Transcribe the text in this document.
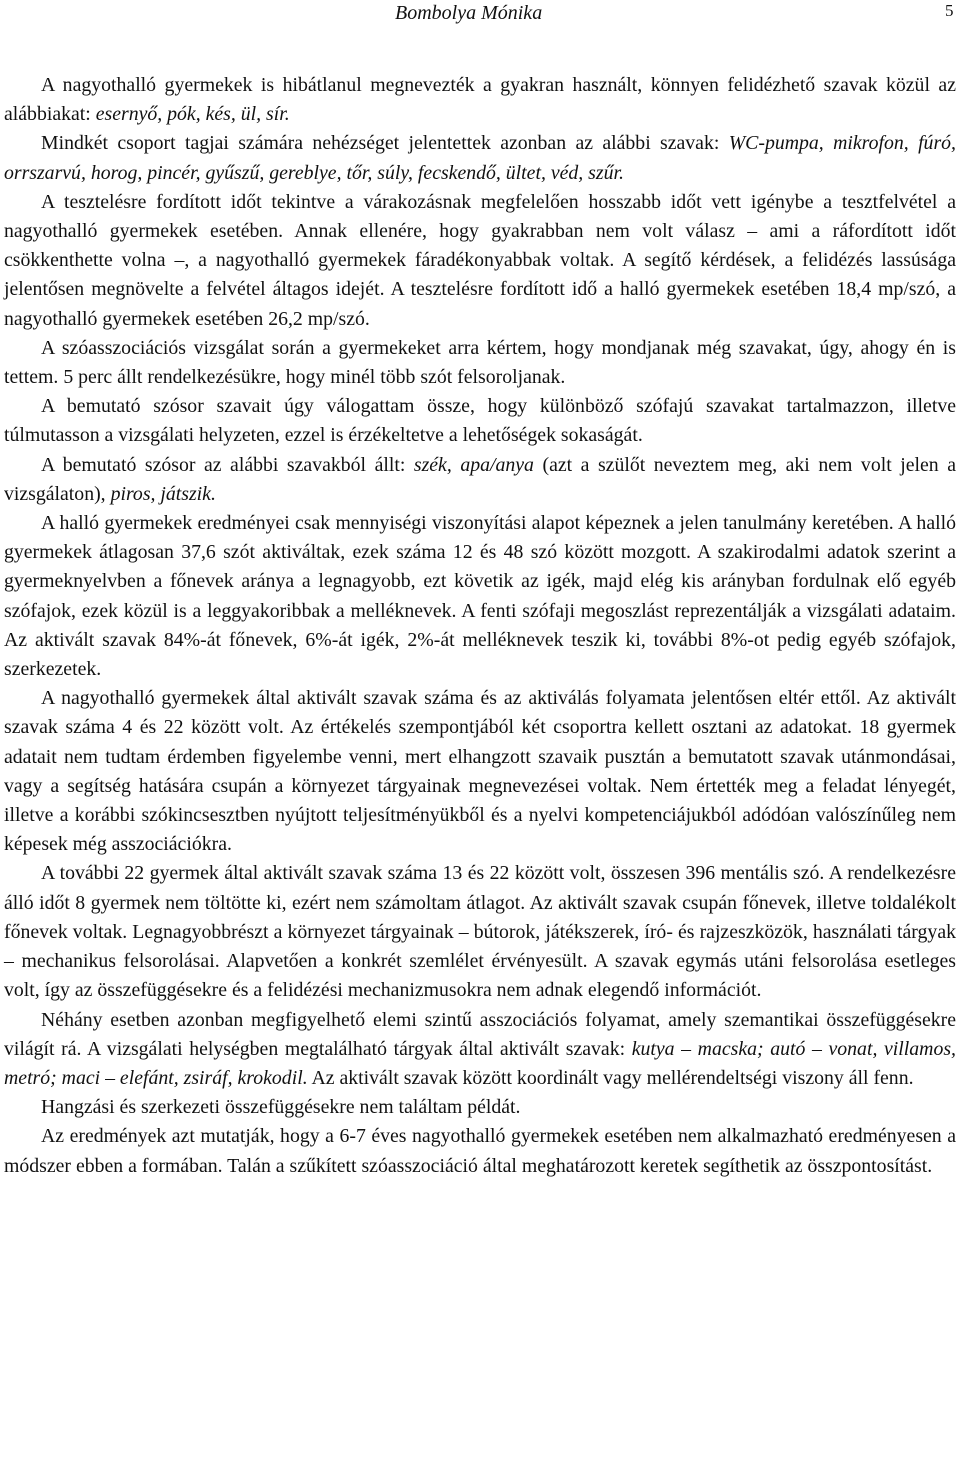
Bombolya Mónika	5

A nagyothalló gyermekek is hibátlanul megnevezték a gyakran használt, könnyen felidézhető szavak közül az alábbiakat: esernyő, pók, kés, ül, sír.

Mindkét csoport tagjai számára nehézséget jelentettek azonban az alábbi szavak: WC-pumpa, mikrofon, fúró, orrszarvú, horog, pincér, gyűszű, gereblye, tőr, súly, fecskendő, ültet, véd, szűr.

A tesztelésre fordított időt tekintve a várakozásnak megfelelően hosszabb időt vett igénybe a tesztfelvétel a nagyothalló gyermekek esetében. Annak ellenére, hogy gyakrabban nem volt válasz – ami a ráfordított időt csökkenthette volna –, a nagyothalló gyermekek fáradékonyabbak voltak. A segítő kérdések, a felidézés lassúsága jelentősen megnövelte a felvétel áltagos idejét. A tesztelésre fordított idő a halló gyermekek esetében 18,4 mp/szó, a nagyothalló gyermekek esetében 26,2 mp/szó.

A szóasszociációs vizsgálat során a gyermekeket arra kértem, hogy mondjanak még szavakat, úgy, ahogy én is tettem. 5 perc állt rendelkezésükre, hogy minél több szót felsoroljanak.

A bemutató szósor szavait úgy válogattam össze, hogy különböző szófajú szavakat tartalmazzon, illetve túlmutasson a vizsgálati helyzeten, ezzel is érzékeltetve a lehetőségek sokaságát.

A bemutató szósor az alábbi szavakból állt: szék, apa/anya (azt a szülőt neveztem meg, aki nem volt jelen a vizsgálaton), piros, játszik.

A halló gyermekek eredményei csak mennyiségi viszonyítási alapot képeznek a jelen tanulmány keretében. A halló gyermekek átlagosan 37,6 szót aktiváltak, ezek száma 12 és 48 szó között mozgott. A szakirodalmi adatok szerint a gyermeknyelvben a főnevek aránya a legnagyobb, ezt követik az igék, majd elég kis arányban fordulnak elő egyéb szófajok, ezek közül is a leggyakoribbak a melléknevek. A fenti szófaji megoszlást reprezentálják a vizsgálati adataim. Az aktivált szavak 84%-át főnevek, 6%-át igék, 2%-át melléknevek teszik ki, további 8%-ot pedig egyéb szófajok, szerkezetek.

A nagyothalló gyermekek által aktivált szavak száma és az aktiválás folyamata jelentősen eltér ettől. Az aktivált szavak száma 4 és 22 között volt. Az értékelés szempontjából két csoportra kellett osztani az adatokat. 18 gyermek adatait nem tudtam érdemben figyelembe venni, mert elhangzott szavaik pusztán a bemutatott szavak utánmondásai, vagy a segítség hatására csupán a környezet tárgyainak megnevezései voltak. Nem értették meg a feladat lényegét, illetve a korábbi szókincsesztben nyújtott teljesítményükből és a nyelvi kompetenciájukból adódóan valószínűleg nem képesek még asszociációkra.

A további 22 gyermek által aktivált szavak száma 13 és 22 között volt, összesen 396 mentális szó. A rendelkezésre álló időt 8 gyermek nem töltötte ki, ezért nem számoltam átlagot. Az aktivált szavak csupán főnevek, illetve toldalékolt főnevek voltak. Legnagyobbrészt a környezet tárgyainak – bútorok, játékszerek, író- és rajzeszközök, használati tárgyak – mechanikus felsorolásai. Alapvetően a konkrét szemlélet érvényesült. A szavak egymás utáni felsorolása esetleges volt, így az összefüggésekre és a felidézési mechanizmusokra nem adnak elegendő információt.

Néhány esetben azonban megfigyelhető elemi szintű asszociációs folyamat, amely szemantikai összefüggésekre világít rá. A vizsgálati helységben megtalálható tárgyak által aktivált szavak: kutya – macska; autó – vonat, villamos, metró; maci – elefánt, zsiráf, krokodil. Az aktivált szavak között koordinált vagy mellérendeltségi viszony áll fenn.

Hangzási és szerkezeti összefüggésekre nem találtam példát.

Az eredmények azt mutatják, hogy a 6-7 éves nagyothalló gyermekek esetében nem alkalmazható eredményesen a módszer ebben a formában. Talán a szűkített szóasszociáció által meghatározott keretek segíthetik az összpontosítást.
